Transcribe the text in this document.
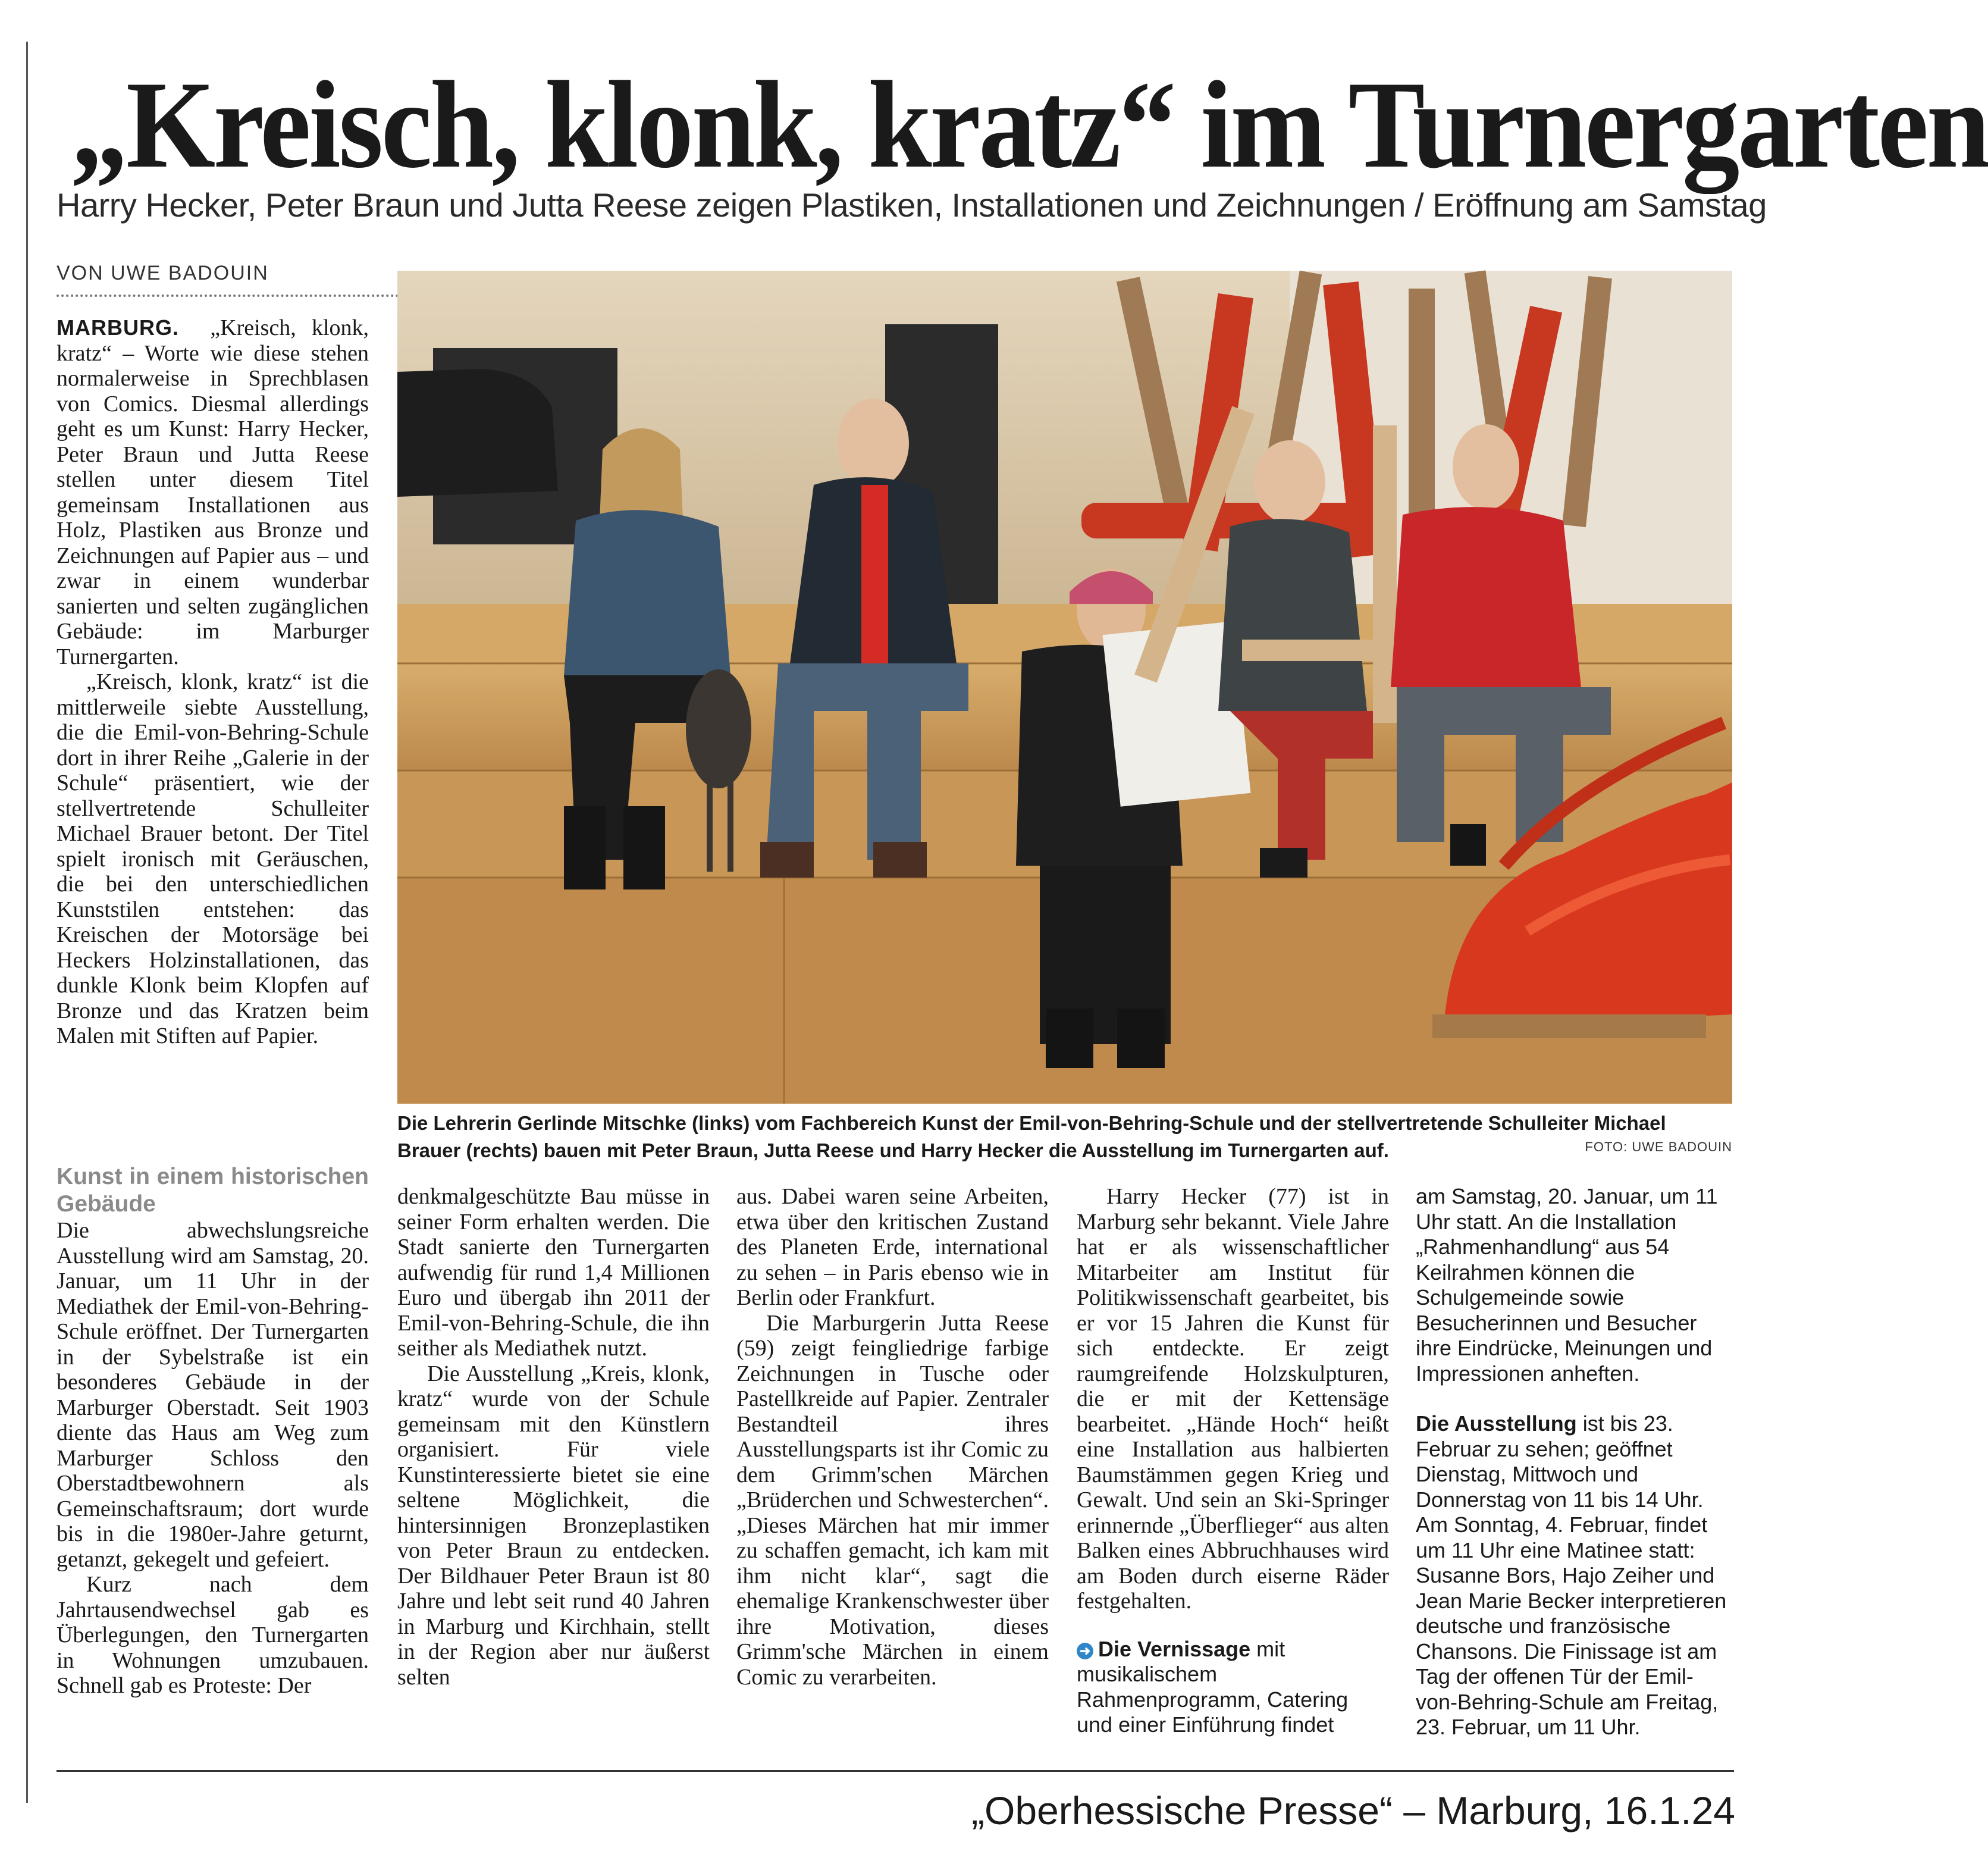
„Kreisch, klonk, kratz“ im Turnergarten
Harry Hecker, Peter Braun und Jutta Reese zeigen Plastiken, Installationen und Zeichnungen / Eröffnung am Samstag
VON UWE BADOUIN

MARBURG. „Kreisch, klonk, kratz“ – Worte wie diese stehen normalerweise in Sprechblasen von Comics. Diesmal allerdings geht es um Kunst: Harry Hecker, Peter Braun und Jutta Reese stellen unter diesem Titel gemeinsam Installationen aus Holz, Plastiken aus Bronze und Zeichnungen auf Papier aus – und zwar in einem wunderbar sanierten und selten zugänglichen Gebäude: im Marburger Turnergarten.

„Kreisch, klonk, kratz“ ist die mittlerweile siebte Ausstellung, die die Emil-von-Behring-Schule dort in ihrer Reihe „Galerie in der Schule“ präsentiert, wie der stellvertretende Schulleiter Michael Brauer betont. Der Titel spielt ironisch mit Geräuschen, die bei den unterschiedlichen Kunststilen entstehen: das Kreischen der Motorsäge bei Heckers Holzinstallationen, das dunkle Klonk beim Klopfen auf Bronze und das Kratzen beim Malen mit Stiften auf Papier.

Kunst in einem historischen Gebäude

Die abwechslungsreiche Ausstellung wird am Samstag, 20. Januar, um 11 Uhr in der Mediathek der Emil-von-Behring-Schule eröffnet. Der Turnergarten in der Sybelstraße ist ein besonderes Gebäude in der Marburger Oberstadt. Seit 1903 diente das Haus am Weg zum Marburger Schloss den Oberstadtbewohnern als Gemeinschaftsraum; dort wurde bis in die 1980er-Jahre geturnt, getanzt, gekegelt und gefeiert.

Kurz nach dem Jahrtausendwechsel gab es Überlegungen, den Turnergarten in Wohnungen umzubauen. Schnell gab es Proteste: Der

Die Lehrerin Gerlinde Mitschke (links) vom Fachbereich Kunst der Emil-von-Behring-Schule und der stellvertretende Schulleiter Michael Brauer (rechts) bauen mit Peter Braun, Jutta Reese und Harry Hecker die Ausstellung im Turnergarten auf.	FOTO: UWE BADOUIN

denkmalgeschützte Bau müsse in seiner Form erhalten werden. Die Stadt sanierte den Turnergarten aufwendig für rund 1,4 Millionen Euro und übergab ihn 2011 der Emil-von-Behring-Schule, die ihn seither als Mediathek nutzt.

Die Ausstellung „Kreis, klonk, kratz“ wurde von der Schule gemeinsam mit den Künstlern organisiert. Für viele Kunstinteressierte bietet sie eine seltene Möglichkeit, die hintersinnigen Bronzeplastiken von Peter Braun zu entdecken. Der Bildhauer Peter Braun ist 80 Jahre und lebt seit rund 40 Jahren in Marburg und Kirchhain, stellt in der Region aber nur äußerst selten

aus. Dabei waren seine Arbeiten, etwa über den kritischen Zustand des Planeten Erde, international zu sehen – in Paris ebenso wie in Berlin oder Frankfurt.

Die Marburgerin Jutta Reese (59) zeigt feingliedrige farbige Zeichnungen in Tusche oder Pastellkreide auf Papier. Zentraler Bestandteil ihres Ausstellungsparts ist ihr Comic zu dem Grimm'schen Märchen „Brüderchen und Schwesterchen“. „Dieses Märchen hat mir immer zu schaffen gemacht, ich kam mit ihm nicht klar“, sagt die ehemalige Krankenschwester über ihre Motivation, dieses Grimm'sche Märchen in einem Comic zu verarbeiten.

Harry Hecker (77) ist in Marburg sehr bekannt. Viele Jahre hat er als wissenschaftlicher Mitarbeiter am Institut für Politikwissenschaft gearbeitet, bis er vor 15 Jahren die Kunst für sich entdeckte. Er zeigt raumgreifende Holzskulpturen, die er mit der Kettensäge bearbeitet. „Hände Hoch“ heißt eine Installation aus halbierten Baumstämmen gegen Krieg und Gewalt. Und sein an Ski-Springer erinnernde „Überflieger“ aus alten Balken eines Abbruchhauses wird am Boden durch eiserne Räder festgehalten.

➜ Die Vernissage mit musikalischem Rahmenprogramm, Catering und einer Einführung findet

am Samstag, 20. Januar, um 11 Uhr statt. An die Installation „Rahmenhandlung“ aus 54 Keilrahmen können die Schulgemeinde sowie Besucherinnen und Besucher ihre Eindrücke, Meinungen und Impressionen anheften.

Die Ausstellung ist bis 23. Februar zu sehen; geöffnet Dienstag, Mittwoch und Donnerstag von 11 bis 14 Uhr. Am Sonntag, 4. Februar, findet um 11 Uhr eine Matinee statt: Susanne Bors, Hajo Zeiher und Jean Marie Becker interpretieren deutsche und französische Chansons. Die Finissage ist am Tag der offenen Tür der Emil-von-Behring-Schule am Freitag, 23. Februar, um 11 Uhr.

„Oberhessische Presse“ – Marburg, 16.1.24
